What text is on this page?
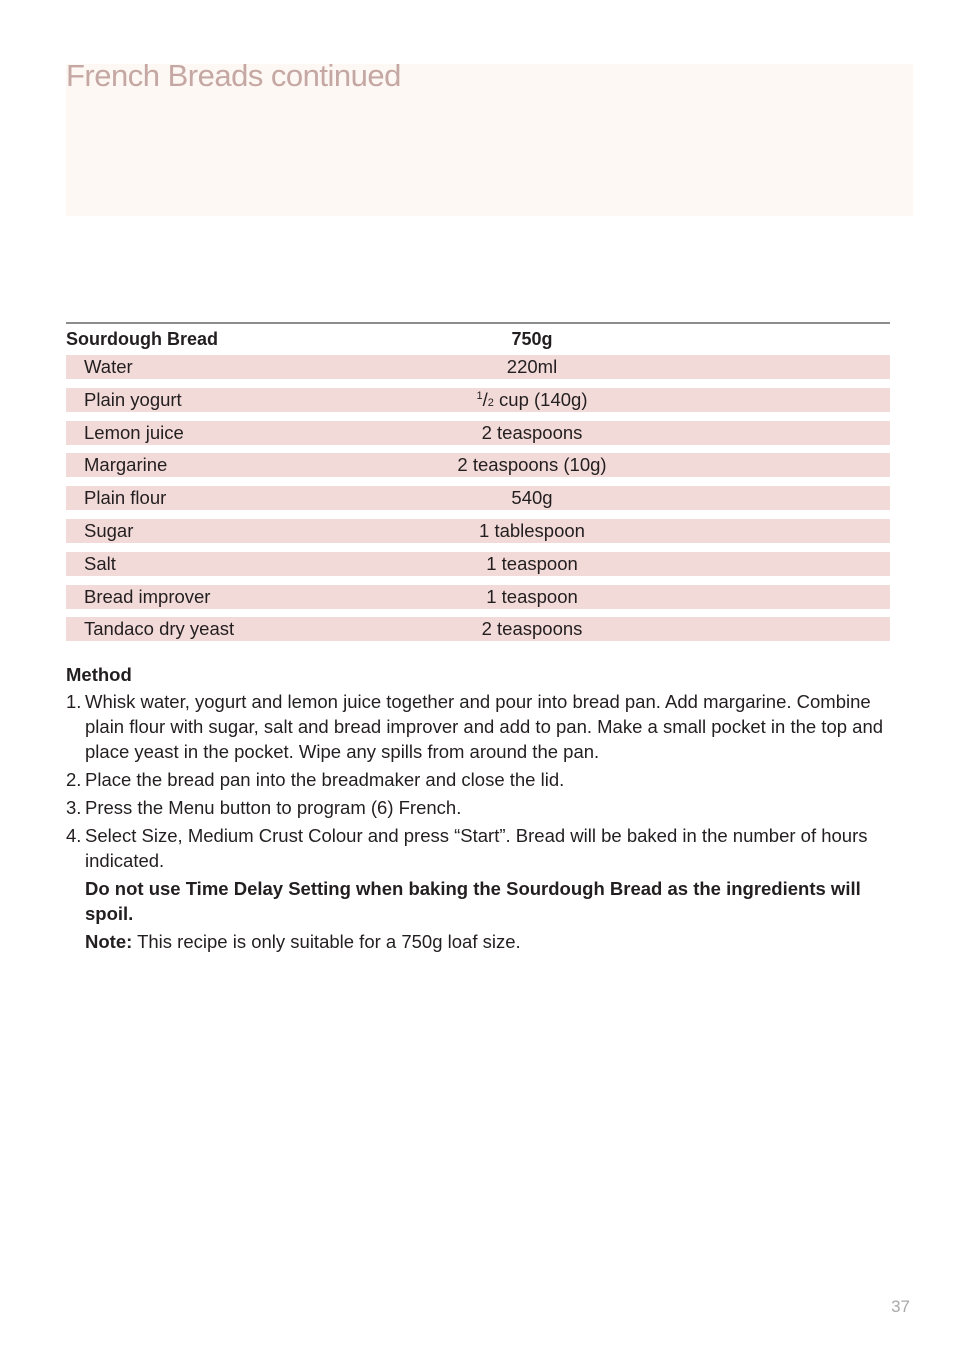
French Breads continued
Sourdough Bread	750g
Water	220ml
Plain yogurt	$^1$/2 cup (140g)
Lemon juice	2 teaspoons
Margarine	2 teaspoons (10g)
Plain flour	540g
Sugar	1 tablespoon
Salt	1 teaspoon
Bread improver	1 teaspoon
Tandaco dry yeast	2 teaspoons
Method
1. Whisk water, yogurt and lemon juice together and pour into bread pan. Add margarine. Combine plain flour with sugar, salt and bread improver and add to pan. Make a small pocket in the top and place yeast in the pocket. Wipe any spills from around the pan.
2. Place the bread pan into the breadmaker and close the lid.
3. Press the Menu button to program (6) French.
4. Select Size, Medium Crust Colour and press “Start”. Bread will be baked in the number of hours indicated.
Do not use Time Delay Setting when baking the Sourdough Bread as the ingredients will spoil.
Note: This recipe is only suitable for a 750g loaf size.
37
